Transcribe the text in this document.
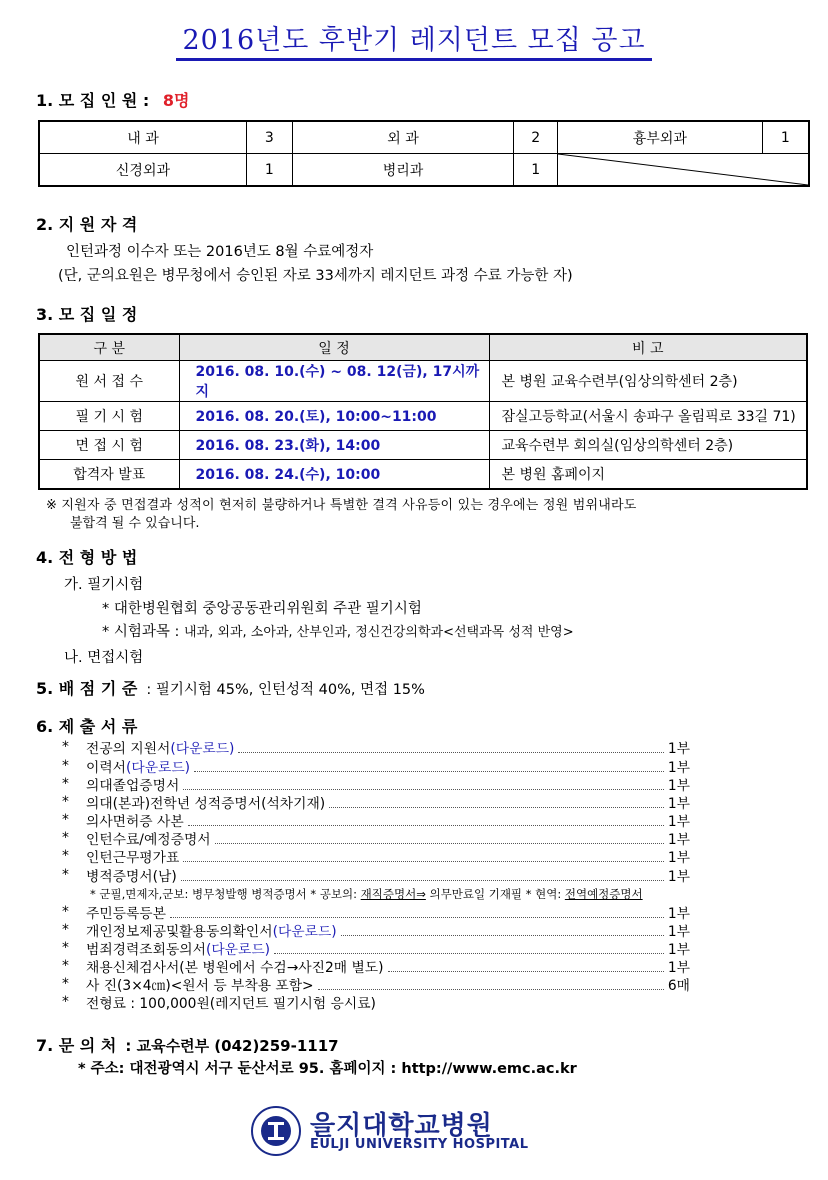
2016년도 후반기 레지던트 모집 공고
1. 모 집 인 원 : 8명
내 과	3	외 과	2	흉부외과	1
신경외과	1	병리과	1	
2. 지 원 자 격
인턴과정 이수자 또는 2016년도 8월 수료예정자
(단, 군의요원은 병무청에서 승인된 자로 33세까지 레지던트 과정 수료 가능한 자)
3. 모 집 일 정
구 분	일 정	비 고
원 서 접 수	2016. 08. 10.(수) ~ 08. 12(금), 17시까지	본 병원 교육수련부(임상의학센터 2층)
필 기 시 험	2016. 08. 20.(토), 10:00~11:00	잠실고등학교(서울시 송파구 올림픽로 33길 71)
면 접 시 험	2016. 08. 23.(화), 14:00	교육수련부 회의실(임상의학센터 2층)
합격자 발표	2016. 08. 24.(수), 10:00	본 병원 홈페이지
※ 지원자 중 면접결과 성적이 현저히 불량하거나 특별한 결격 사유등이 있는 경우에는 정원 범위내라도
불합격 될 수 있습니다.
4. 전 형 방 법
가. 필기시험
* 대한병원협회 중앙공동관리위원회 주관 필기시험
* 시험과목 : 내과, 외과, 소아과, 산부인과, 정신건강의학과<선택과목 성적 반영>
나. 면접시험
5. 배 점 기 준 : 필기시험 45%, 인턴성적 40%, 면접 15%
6. 제 출 서 류
*	전공의 지원서 (다운로드)	1부
*	이력서 (다운로드)	1부
*	의대졸업증명서	1부
*	의대(본과)전학년 성적증명서(석차기재)	1부
*	의사면허증 사본	1부
*	인턴수료/예정증명서	1부
*	인턴근무평가표	1부
*	병적증명서(남)	1부
* 군필,면제자,군보: 병무청발행 병적증명서 * 공보의: 재직증명서⇒ 의무만료일 기재필 * 현역: 전역예정증명서
*	주민등록등본	1부
*	개인정보제공및활용동의확인서 (다운로드)	1부
*	범죄경력조회동의서 (다운로드)	1부
*	채용신체검사서(본 병원에서 수검→사진2매 별도)	1부
*	사 진(3×4㎝)<원서 등 부착용 포함>	6매
*	전형료 : 100,000원(레지던트 필기시험 응시료)
7. 문 의 처 : 교육수련부 (042)259-1117
* 주소: 대전광역시 서구 둔산서로 95. 홈페이지 : http://www.emc.ac.kr
을지대학교병원
EULJI UNIVERSITY HOSPITAL
